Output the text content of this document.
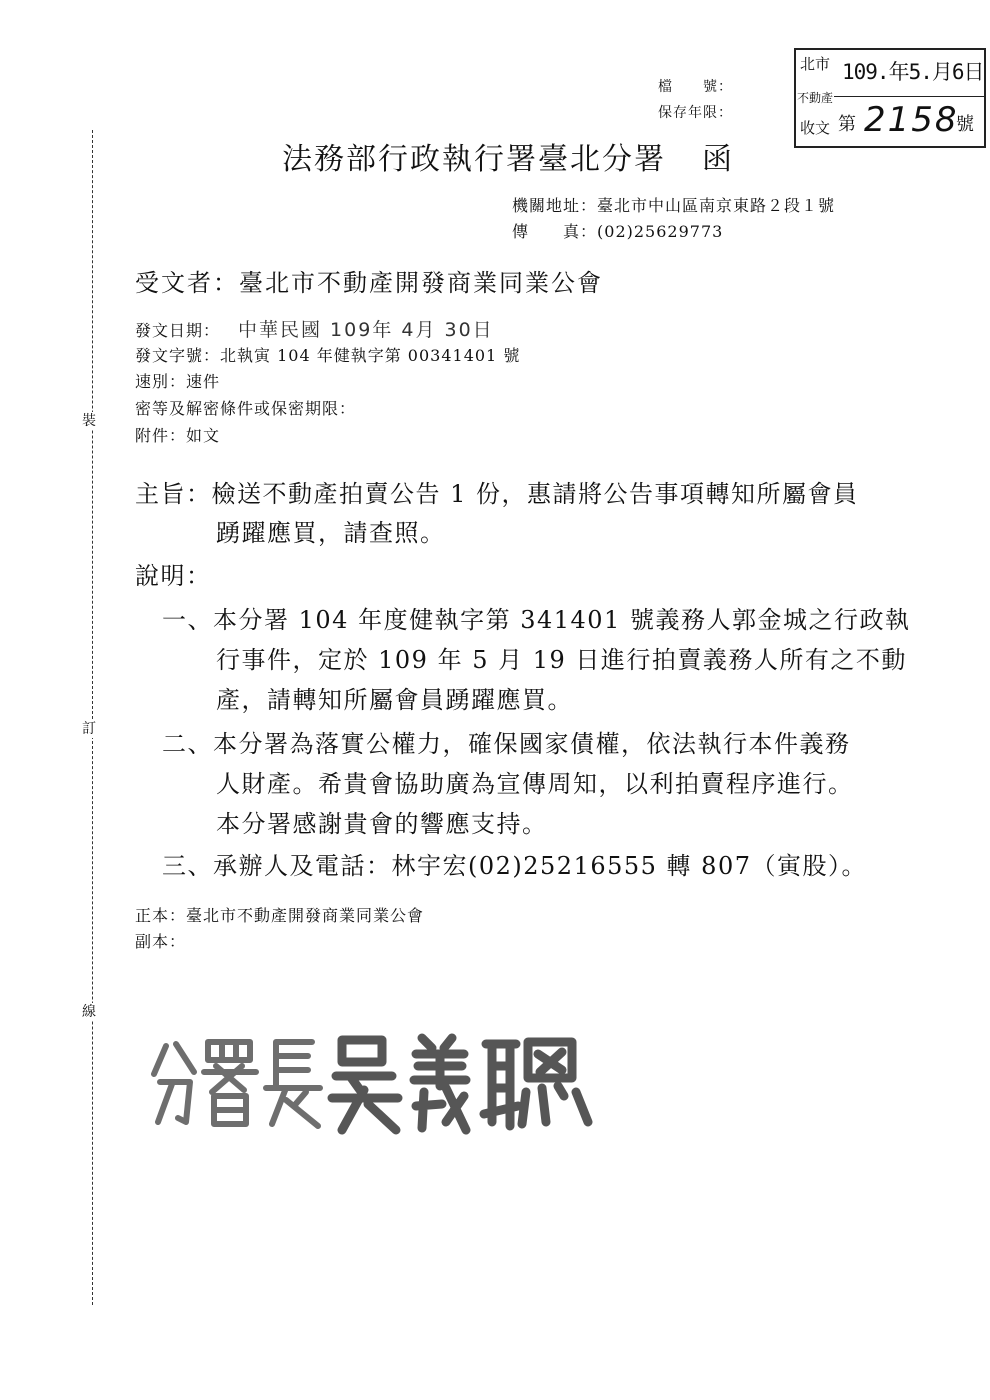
檔　　號：
保存年限：
北市
不動產
收文
109.年5.月6日
第 2158
號
裝
訂
線
法務部行政執行署臺北分署 函
機關地址：臺北市中山區南京東路２段１號
傳　　真：(02)25629773
受文者：臺北市不動產開發商業同業公會
發文日期： 中華民國 109年 4月 30日
發文字號：北執寅 104 年健執字第 00341401 號
速別：速件
密等及解密條件或保密期限：
附件：如文
主旨：檢送不動產拍賣公告 1 份，惠請將公告事項轉知所屬會員
踴躍應買，請查照。
說明：
一、本分署 104 年度健執字第 341401 號義務人郭金城之行政執
行事件，定於 109 年 5 月 19 日進行拍賣義務人所有之不動
產，請轉知所屬會員踴躍應買。
二、本分署為落實公權力，確保國家債權，依法執行本件義務
人財產。希貴會協助廣為宣傳周知，以利拍賣程序進行。
本分署感謝貴會的響應支持。
三、承辦人及電話：林宇宏(02)25216555 轉 807（寅股）。
正本：臺北市不動產開發商業同業公會
副本：
